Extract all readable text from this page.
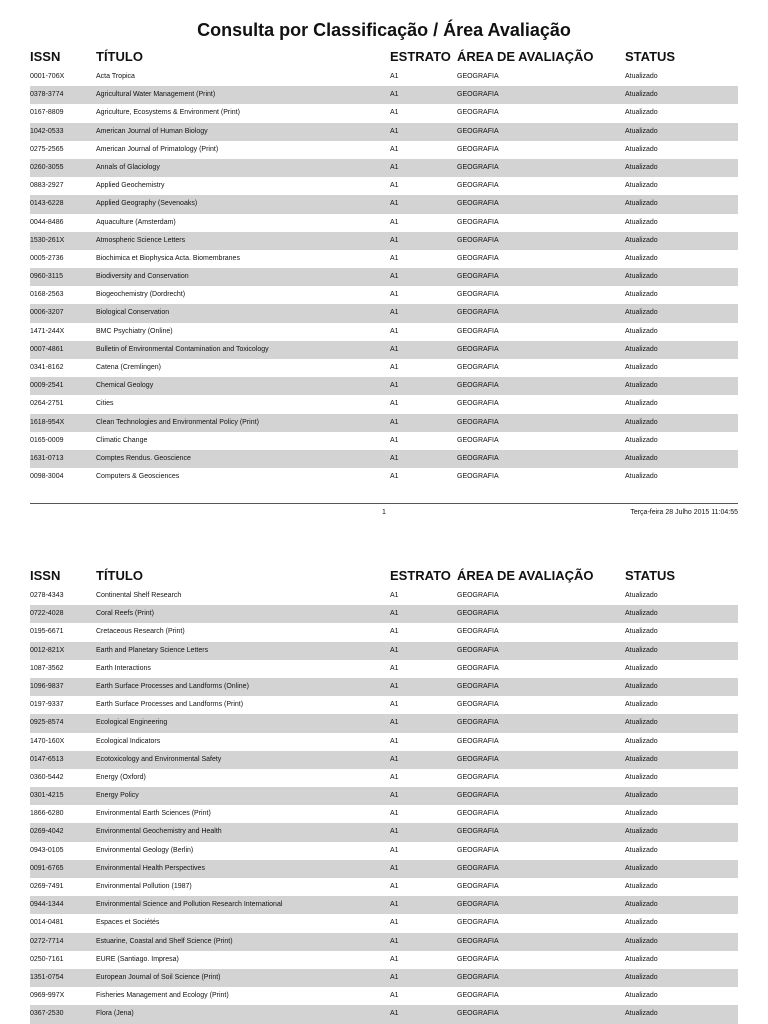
Consulta por Classificação / Área Avaliação
ISSN	TÍTULO	ESTRATO ÁREA DE AVALIAÇÃO STATUS
0001-706X	Acta Tropica	A1	GEOGRAFIA	Atualizado
0378-3774	Agricultural Water Management (Print)	A1	GEOGRAFIA	Atualizado
0167-8809	Agriculture, Ecosystems & Environment (Print)	A1	GEOGRAFIA	Atualizado
1042-0533	American Journal of Human Biology	A1	GEOGRAFIA	Atualizado
0275-2565	American Journal of Primatology (Print)	A1	GEOGRAFIA	Atualizado
0260-3055	Annals of Glaciology	A1	GEOGRAFIA	Atualizado
0883-2927	Applied Geochemistry	A1	GEOGRAFIA	Atualizado
0143-6228	Applied Geography (Sevenoaks)	A1	GEOGRAFIA	Atualizado
0044-8486	Aquaculture (Amsterdam)	A1	GEOGRAFIA	Atualizado
1530-261X	Atmospheric Science Letters	A1	GEOGRAFIA	Atualizado
0005-2736	Biochimica et Biophysica Acta. Biomembranes	A1	GEOGRAFIA	Atualizado
0960-3115	Biodiversity and Conservation	A1	GEOGRAFIA	Atualizado
0168-2563	Biogeochemistry (Dordrecht)	A1	GEOGRAFIA	Atualizado
0006-3207	Biological Conservation	A1	GEOGRAFIA	Atualizado
1471-244X	BMC Psychiatry (Online)	A1	GEOGRAFIA	Atualizado
0007-4861	Bulletin of Environmental Contamination and Toxicology	A1	GEOGRAFIA	Atualizado
0341-8162	Catena (Cremlingen)	A1	GEOGRAFIA	Atualizado
0009-2541	Chemical Geology	A1	GEOGRAFIA	Atualizado
0264-2751	Cities	A1	GEOGRAFIA	Atualizado
1618-954X	Clean Technologies and Environmental Policy (Print)	A1	GEOGRAFIA	Atualizado
0165-0009	Climatic Change	A1	GEOGRAFIA	Atualizado
1631-0713	Comptes Rendus. Geoscience	A1	GEOGRAFIA	Atualizado
0098-3004	Computers & Geosciences	A1	GEOGRAFIA	Atualizado
1	Terça-feira 28 Julho 2015 11:04:55
ISSN	TÍTULO	ESTRATO ÁREA DE AVALIAÇÃO STATUS
0278-4343	Continental Shelf Research	A1	GEOGRAFIA	Atualizado
0722-4028	Coral Reefs (Print)	A1	GEOGRAFIA	Atualizado
0195-6671	Cretaceous Research (Print)	A1	GEOGRAFIA	Atualizado
0012-821X	Earth and Planetary Science Letters	A1	GEOGRAFIA	Atualizado
1087-3562	Earth Interactions	A1	GEOGRAFIA	Atualizado
1096-9837	Earth Surface Processes and Landforms (Online)	A1	GEOGRAFIA	Atualizado
0197-9337	Earth Surface Processes and Landforms (Print)	A1	GEOGRAFIA	Atualizado
0925-8574	Ecological Engineering	A1	GEOGRAFIA	Atualizado
1470-160X	Ecological Indicators	A1	GEOGRAFIA	Atualizado
0147-6513	Ecotoxicology and Environmental Safety	A1	GEOGRAFIA	Atualizado
0360-5442	Energy (Oxford)	A1	GEOGRAFIA	Atualizado
0301-4215	Energy Policy	A1	GEOGRAFIA	Atualizado
1866-6280	Environmental Earth Sciences (Print)	A1	GEOGRAFIA	Atualizado
0269-4042	Environmental Geochemistry and Health	A1	GEOGRAFIA	Atualizado
0943-0105	Environmental Geology (Berlin)	A1	GEOGRAFIA	Atualizado
0091-6765	Environmental Health Perspectives	A1	GEOGRAFIA	Atualizado
0269-7491	Environmental Pollution (1987)	A1	GEOGRAFIA	Atualizado
0944-1344	Environmental Science and Pollution Research International	A1	GEOGRAFIA	Atualizado
0014-0481	Espaces et Sociétés	A1	GEOGRAFIA	Atualizado
0272-7714	Estuarine, Coastal and Shelf Science (Print)	A1	GEOGRAFIA	Atualizado
0250-7161	EURE (Santiago. Impresa)	A1	GEOGRAFIA	Atualizado
1351-0754	European Journal of Soil Science (Print)	A1	GEOGRAFIA	Atualizado
0969-997X	Fisheries Management and Ecology (Print)	A1	GEOGRAFIA	Atualizado
0367-2530	Flora (Jena)	A1	GEOGRAFIA	Atualizado
